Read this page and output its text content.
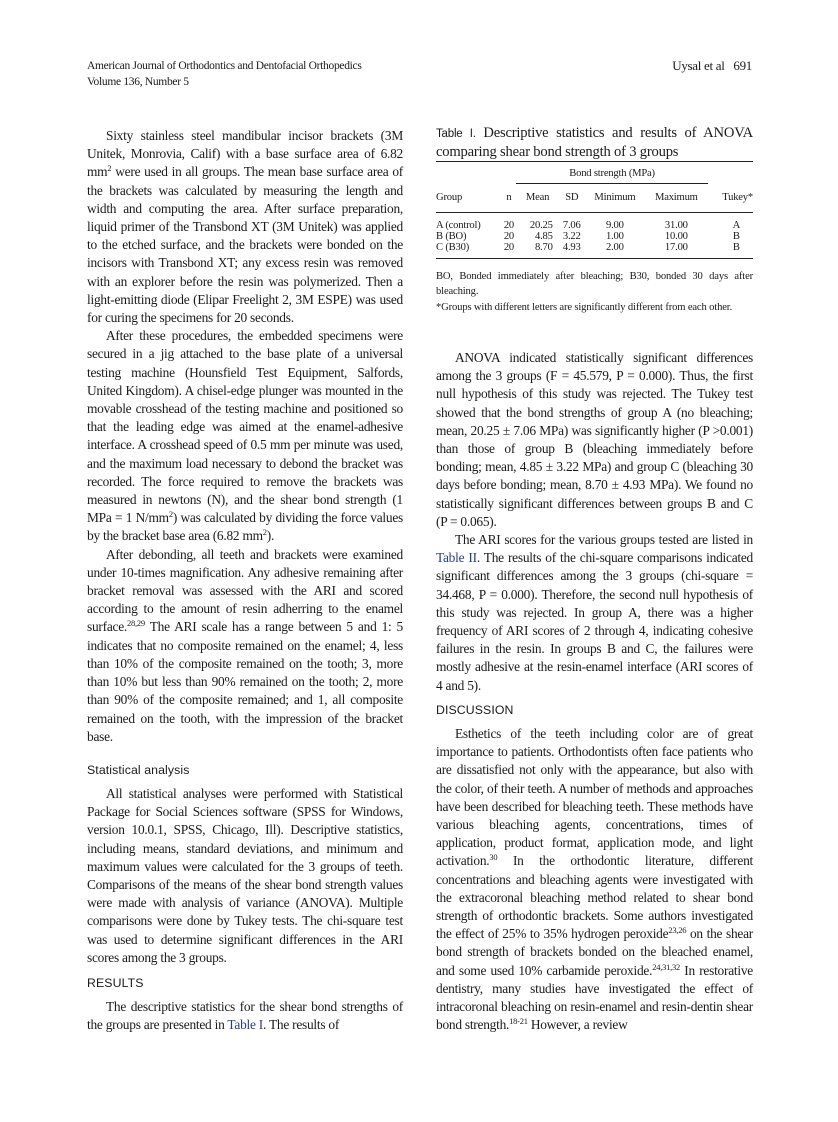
American Journal of Orthodontics and Dentofacial Orthopedics
Volume 136, Number 5
Uysal et al 691

Sixty stainless steel mandibular incisor brackets (3M Unitek, Monrovia, Calif) with a base surface area of 6.82 $mm^2$ were used in all groups. The mean base surface area of the brackets was calculated by measuring the length and width and computing the area. After surface preparation, liquid primer of the Transbond XT (3M Unitek) was applied to the etched surface, and the brackets were bonded on the incisors with Transbond XT; any excess resin was removed with an explorer before the resin was polymerized. Then a light-emitting diode (Elipar Freelight 2, 3M ESPE) was used for curing the specimens for 20 seconds.

After these procedures, the embedded specimens were secured in a jig attached to the base plate of a universal testing machine (Hounsfield Test Equipment, Salfords, United Kingdom). A chisel-edge plunger was mounted in the movable crosshead of the testing machine and positioned so that the leading edge was aimed at the enamel-adhesive interface. A crosshead speed of 0.5 mm per minute was used, and the maximum load necessary to debond the bracket was recorded. The force required to remove the brackets was measured in newtons (N), and the shear bond strength (1 MPa = 1 $N/mm^2$) was calculated by dividing the force values by the bracket base area (6.82 $mm^2$).

After debonding, all teeth and brackets were examined under 10-times magnification. Any adhesive remaining after bracket removal was assessed with the ARI and scored according to the amount of resin adherring to the enamel surface.$^{28,29}$ The ARI scale has a range between 5 and 1: 5 indicates that no composite remained on the enamel; 4, less than 10% of the composite remained on the tooth; 3, more than 10% but less than 90% remained on the tooth; 2, more than 90% of the composite remained; and 1, all composite remained on the tooth, with the impression of the bracket base.

Statistical analysis

All statistical analyses were performed with Statistical Package for Social Sciences software (SPSS for Windows, version 10.0.1, SPSS, Chicago, Ill). Descriptive statistics, including means, standard deviations, and minimum and maximum values were calculated for the 3 groups of teeth. Comparisons of the means of the shear bond strength values were made with analysis of variance (ANOVA). Multiple comparisons were done by Tukey tests. The chi-square test was used to determine significant differences in the ARI scores among the 3 groups.

RESULTS

The descriptive statistics for the shear bond strengths of the groups are presented in Table I. The results of

Table I. Descriptive statistics and results of ANOVA comparing shear bond strength of 3 groups
		Bond strength (MPa)				
Group	n	Mean	SD	Minimum	Maximum	Tukey*
A (control)	20	20.25	7.06	9.00	31.00	A
B (BO)	20	4.85	3.22	1.00	10.00	B
C (B30)	20	8.70	4.93	2.00	17.00	B

BO, Bonded immediately after bleaching; B30, bonded 30 days after bleaching.

*Groups with different letters are significantly different from each other.

ANOVA indicated statistically significant differences among the 3 groups (F = 45.579, P = 0.000). Thus, the first null hypothesis of this study was rejected. The Tukey test showed that the bond strengths of group A (no bleaching; mean, 20.25 ± 7.06 MPa) was significantly higher (P >0.001) than those of group B (bleaching immediately before bonding; mean, 4.85 ± 3.22 MPa) and group C (bleaching 30 days before bonding; mean, 8.70 ± 4.93 MPa). We found no statistically significant differences between groups B and C (P = 0.065).

The ARI scores for the various groups tested are listed in Table II. The results of the chi-square comparisons indicated significant differences among the 3 groups (chi-square = 34.468, P = 0.000). Therefore, the second null hypothesis of this study was rejected. In group A, there was a higher frequency of ARI scores of 2 through 4, indicating cohesive failures in the resin. In groups B and C, the failures were mostly adhesive at the resin-enamel interface (ARI scores of 4 and 5).

DISCUSSION

Esthetics of the teeth including color are of great importance to patients. Orthodontists often face patients who are dissatisfied not only with the appearance, but also with the color, of their teeth. A number of methods and approaches have been described for bleaching teeth. These methods have various bleaching agents, concentrations, times of application, product format, application mode, and light activation.$^{30}$ In the orthodontic literature, different concentrations and bleaching agents were investigated with the extracoronal bleaching method related to shear bond strength of orthodontic brackets. Some authors investigated the effect of 25% to 35% hydrogen peroxide$^{23,26}$ on the shear bond strength of brackets bonded on the bleached enamel, and some used 10% carbamide peroxide.$^{24,31,32}$ In restorative dentistry, many studies have investigated the effect of intracoronal bleaching on resin-enamel and resin-dentin shear bond strength.$^{18-21}$ However, a review
